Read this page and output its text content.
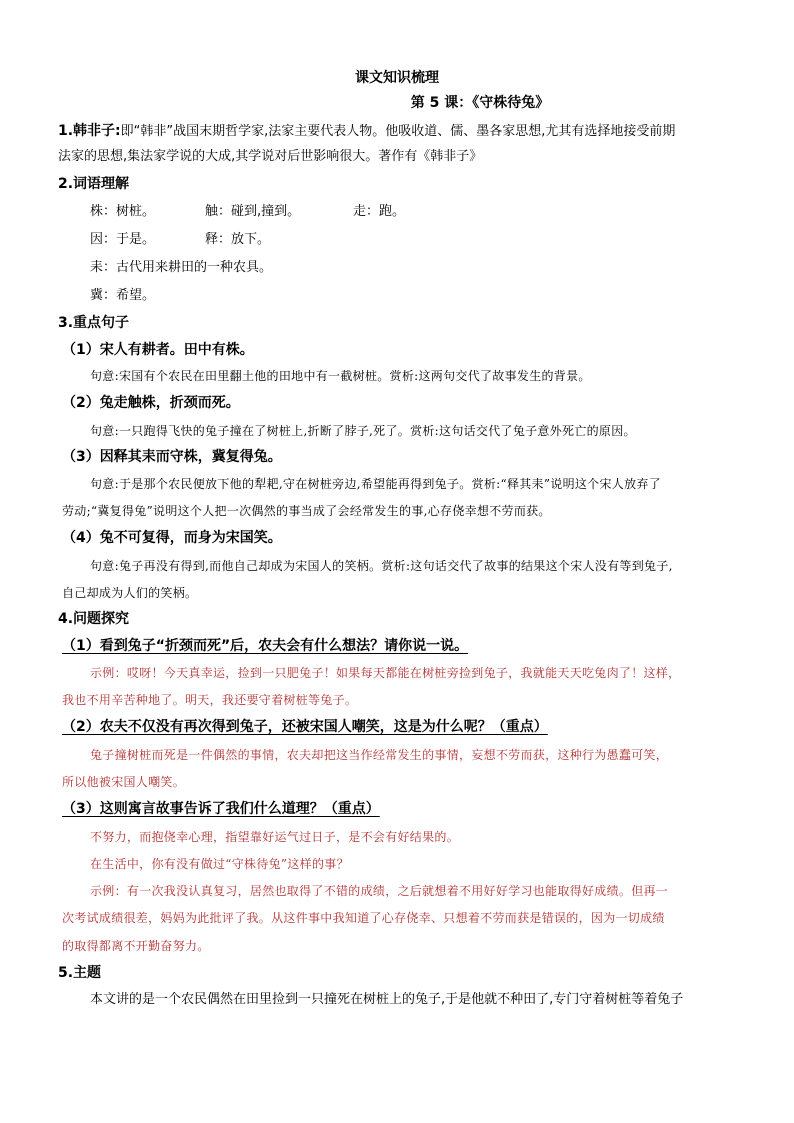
课文知识梳理
第 5 课：《守株待兔》
1.韩非子:即“韩非”战国末期哲学家,法家主要代表人物。他吸收道、儒、墨各家思想,尤其有选择地接受前期
法家的思想,集法家学说的大成,其学说对后世影响很大。著作有《韩非子》
2.词语理解
株：树桩。	触：碰到,撞到。	走：跑。
因：于是。	释：放下。
耒：古代用来耕田的一种农具。
冀：希望。
3.重点句子
（1）宋人有耕者。田中有株。
句意:宋国有个农民在田里翻土他的田地中有一截树桩。赏析:这两句交代了故事发生的背景。
（2）兔走触株，折颈而死。
句意:一只跑得飞快的兔子撞在了树桩上,折断了脖子,死了。赏析:这句话交代了兔子意外死亡的原因。
（3）因释其耒而守株，冀复得兔。
句意:于是那个农民便放下他的犁耙,守在树桩旁边,希望能再得到兔子。赏析:“释其耒”说明这个宋人放弃了
劳动;“冀复得兔”说明这个人把一次偶然的事当成了会经常发生的事,心存侥幸想不劳而获。
（4）兔不可复得，而身为宋国笑。
句意:兔子再没有得到,而他自己却成为宋国人的笑柄。赏析:这句话交代了故事的结果这个宋人没有等到兔子,
自己却成为人们的笑柄。
4.问题探究
（1）看到兔子“折颈而死”后，农夫会有什么想法？请你说一说。
示例：哎呀！今天真幸运，捡到一只肥兔子！如果每天都能在树桩旁捡到兔子，我就能天天吃兔肉了！这样，
我也不用辛苦种地了。明天，我还要守着树桩等兔子。
（2）农夫不仅没有再次得到兔子，还被宋国人嘲笑，这是为什么呢？（重点）
兔子撞树桩而死是一件偶然的事情，农夫却把这当作经常发生的事情，妄想不劳而获，这种行为愚蠢可笑，
所以他被宋国人嘲笑。
（3）这则寓言故事告诉了我们什么道理？（重点）
不努力，而抱侥幸心理，指望靠好运气过日子，是不会有好结果的。
在生活中，你有没有做过“守株待兔”这样的事？
示例：有一次我没认真复习，居然也取得了不错的成绩，之后就想着不用好好学习也能取得好成绩。但再一
次考试成绩很差，妈妈为此批评了我。从这件事中我知道了心存侥幸、只想着不劳而获是错误的，因为一切成绩
的取得都离不开勤奋努力。
5.主题
本文讲的是一个农民偶然在田里捡到一只撞死在树桩上的兔子,于是他就不种田了,专门守着树桩等着兔子
